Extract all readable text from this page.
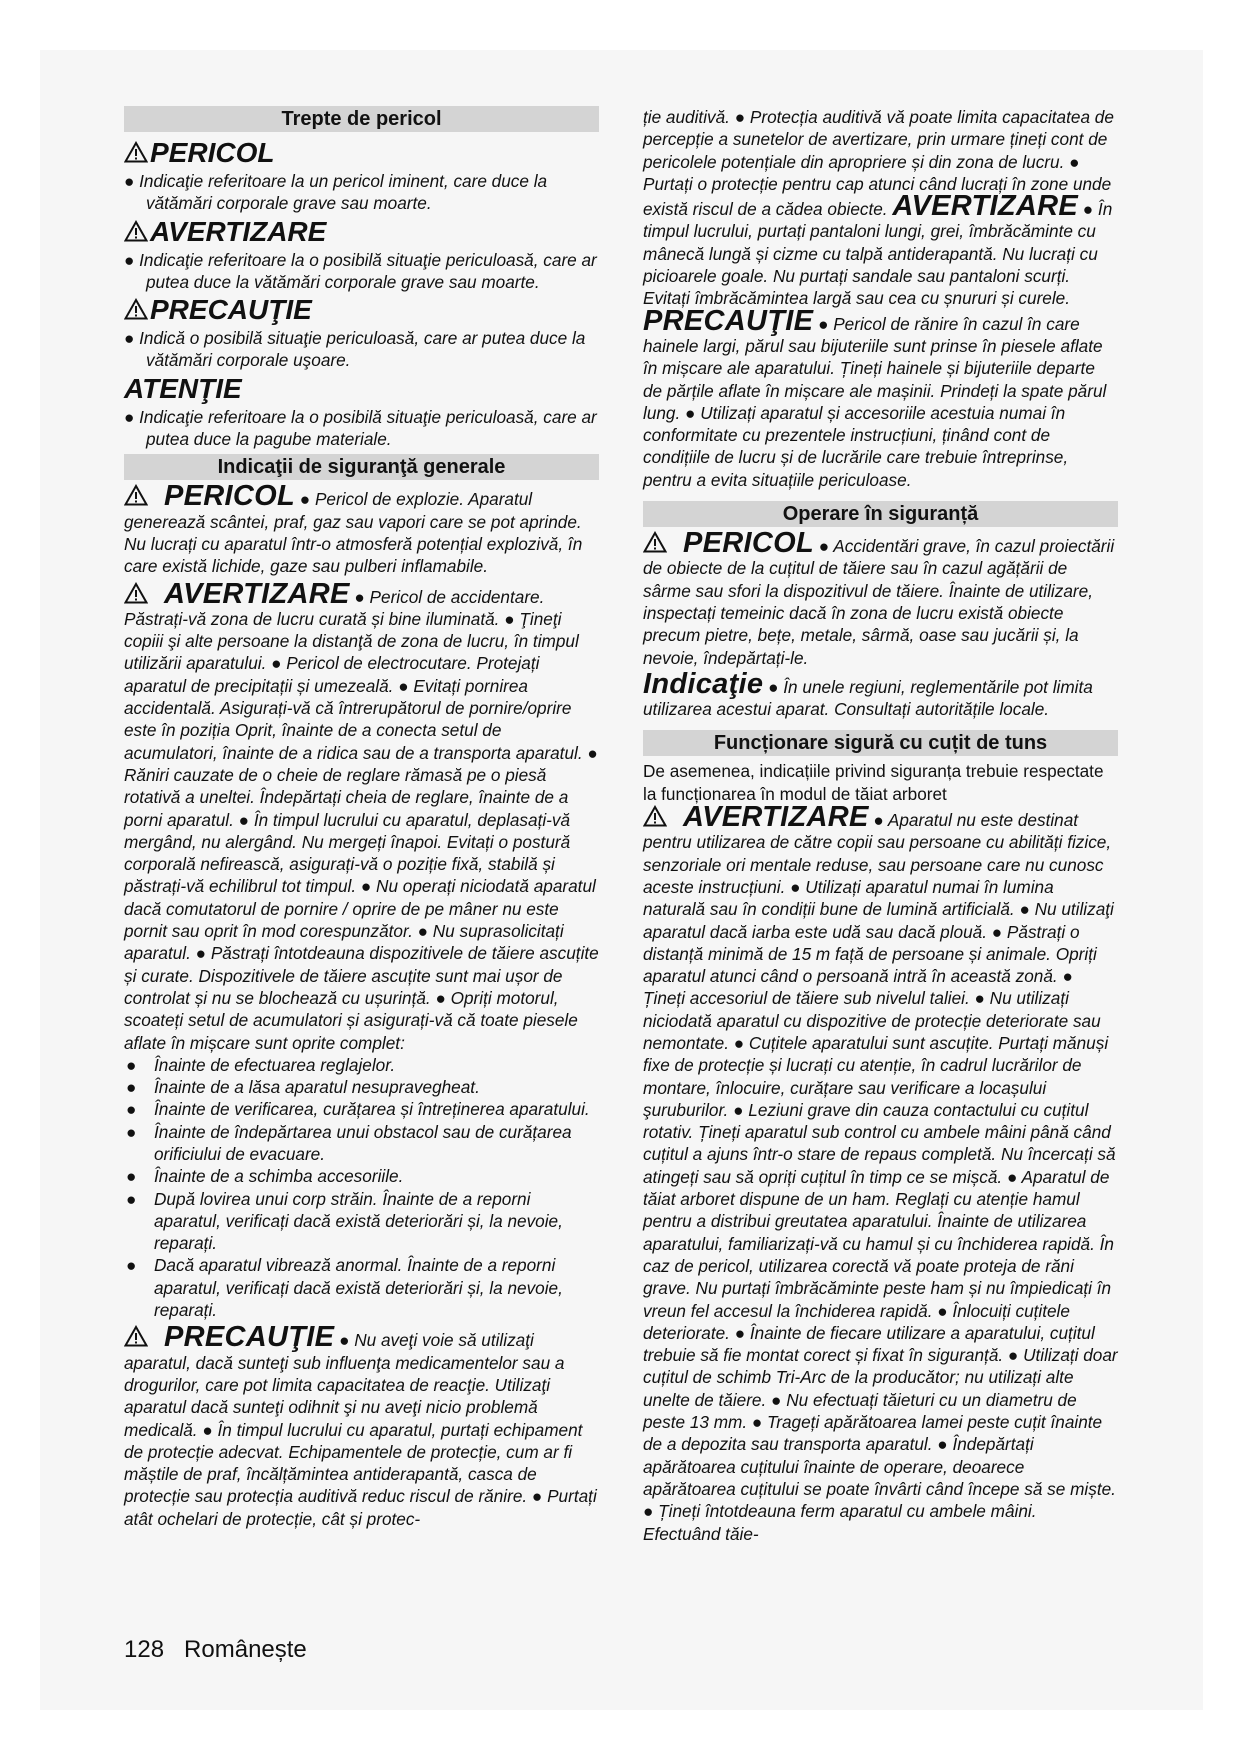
Trepte de pericol
PERICOL

● Indicaţie referitoare la un pericol iminent, care duce la vătămări corporale grave sau moarte.

AVERTIZARE

● Indicaţie referitoare la o posibilă situaţie periculoasă, care ar putea duce la vătămări corporale grave sau moarte.

PRECAUŢIE

● Indică o posibilă situaţie periculoasă, care ar putea duce la vătămări corporale uşoare.

ATENŢIE

● Indicaţie referitoare la o posibilă situaţie periculoasă, care ar putea duce la pagube materiale.

Indicaţii de siguranţă generale

PERICOL ● Pericol de explozie. Aparatul generează scântei, praf, gaz sau vapori care se pot aprinde. Nu lucrați cu aparatul într-o atmosferă potențial explozivă, în care există lichide, gaze sau pulberi inflamabile.

AVERTIZARE ● Pericol de accidentare. Păstrați-vă zona de lucru curată și bine iluminată. ● Ţineţi copiii şi alte persoane la distanţă de zona de lucru, în timpul utilizării aparatului. ● Pericol de electrocutare. Protejați aparatul de precipitații și umezeală. ● Evitați pornirea accidentală. Asigurați-vă că întrerupătorul de pornire/oprire este în poziția Oprit, înainte de a conecta setul de acumulatori, înainte de a ridica sau de a transporta aparatul. ● Răniri cauzate de o cheie de reglare rămasă pe o piesă rotativă a uneltei. Îndepărtați cheia de reglare, înainte de a porni aparatul. ● În timpul lucrului cu aparatul, deplasați-vă mergând, nu alergând. Nu mergeți înapoi. Evitați o postură corporală nefirească, asigurați-vă o poziție fixă, stabilă și păstrați-vă echilibrul tot timpul. ● Nu operați niciodată aparatul dacă comutatorul de pornire / oprire de pe mâner nu este pornit sau oprit în mod corespunzător. ● Nu suprasolicitați aparatul. ● Păstrați întotdeauna dispozitivele de tăiere ascuțite și curate. Dispozitivele de tăiere ascuțite sunt mai ușor de controlat și nu se blochează cu ușurință. ● Opriți motorul, scoateți setul de acumulatori și asigurați-vă că toate piesele aflate în mișcare sunt oprite complet:

● Înainte de efectuarea reglajelor.
● Înainte de a lăsa aparatul nesupravegheat.
● Înainte de verificarea, curățarea și întreținerea aparatului.
● Înainte de îndepărtarea unui obstacol sau de curățarea orificiului de evacuare.
● Înainte de a schimba accesoriile.
● După lovirea unui corp străin. Înainte de a reporni aparatul, verificați dacă există deteriorări și, la nevoie, reparați.
● Dacă aparatul vibrează anormal. Înainte de a reporni aparatul, verificați dacă există deteriorări și, la nevoie, reparați.

PRECAUŢIE ● Nu aveţi voie să utilizaţi aparatul, dacă sunteţi sub influenţa medicamentelor sau a drogurilor, care pot limita capacitatea de reacţie. Utilizaţi aparatul dacă sunteţi odihnit şi nu aveţi nicio problemă medicală. ● În timpul lucrului cu aparatul, purtați echipament de protecție adecvat. Echipamentele de protecție, cum ar fi măștile de praf, încălțămintea antiderapantă, casca de protecție sau protecția auditivă reduc riscul de rănire. ● Purtați atât ochelari de protecție, cât și protec-

ție auditivă. ● Protecția auditivă vă poate limita capacitatea de percepție a sunetelor de avertizare, prin urmare țineți cont de pericolele potențiale din apropriere și din zona de lucru. ● Purtați o protecție pentru cap atunci când lucrați în zone unde există riscul de a cădea obiecte. AVERTIZARE ● În timpul lucrului, purtați pantaloni lungi, grei, îmbrăcăminte cu mânecă lungă și cizme cu talpă antiderapantă. Nu lucrați cu picioarele goale. Nu purtați sandale sau pantaloni scurți. Evitați îmbrăcămintea largă sau cea cu șnururi și curele. PRECAUŢIE ● Pericol de rănire în cazul în care hainele largi, părul sau bijuteriile sunt prinse în piesele aflate în mișcare ale aparatului. Țineți hainele și bijuteriile departe de părțile aflate în mișcare ale mașinii. Prindeți la spate părul lung. ● Utilizați aparatul și accesoriile acestuia numai în conformitate cu prezentele instrucțiuni, ținând cont de condițiile de lucru și de lucrările care trebuie întreprinse, pentru a evita situațiile periculoase.

Operare în siguranță

PERICOL ● Accidentări grave, în cazul proiectării de obiecte de la cuțitul de tăiere sau în cazul agățării de sârme sau sfori la dispozitivul de tăiere. Înainte de utilizare, inspectați temeinic dacă în zona de lucru există obiecte precum pietre, bețe, metale, sârmă, oase sau jucării și, la nevoie, îndepărtați-le.

Indicaţie ● În unele regiuni, reglementările pot limita utilizarea acestui aparat. Consultați autoritățile locale.

Funcționare sigură cu cuțit de tuns

De asemenea, indicațiile privind siguranța trebuie respectate la funcționarea în modul de tăiat arboret

AVERTIZARE ● Aparatul nu este destinat pentru utilizarea de către copii sau persoane cu abilități fizice, senzoriale ori mentale reduse, sau persoane care nu cunosc aceste instrucțiuni. ● Utilizați aparatul numai în lumina naturală sau în condiții bune de lumină artificială. ● Nu utilizaţi aparatul dacă iarba este udă sau dacă plouă. ● Păstrați o distanță minimă de 15 m față de persoane și animale. Opriți aparatul atunci când o persoană intră în această zonă. ● Țineți accesoriul de tăiere sub nivelul taliei. ● Nu utilizați niciodată aparatul cu dispozitive de protecție deteriorate sau nemontate. ● Cuțitele aparatului sunt ascuțite. Purtați mănuși fixe de protecție și lucrați cu atenție, în cadrul lucrărilor de montare, înlocuire, curățare sau verificare a locașului şuruburilor. ● Leziuni grave din cauza contactului cu cuțitul rotativ. Țineți aparatul sub control cu ambele mâini până când cuțitul a ajuns într-o stare de repaus completă. Nu încercați să atingeți sau să opriți cuțitul în timp ce se mișcă. ● Aparatul de tăiat arboret dispune de un ham. Reglați cu atenție hamul pentru a distribui greutatea aparatului. Înainte de utilizarea aparatului, familiarizați-vă cu hamul și cu închiderea rapidă. În caz de pericol, utilizarea corectă vă poate proteja de răni grave. Nu purtați îmbrăcăminte peste ham și nu împiedicați în vreun fel accesul la închiderea rapidă. ● Înlocuiți cuțitele deteriorate. ● Înainte de fiecare utilizare a aparatului, cuțitul trebuie să fie montat corect și fixat în siguranță. ● Utilizați doar cuțitul de schimb Tri-Arc de la producător; nu utilizați alte unelte de tăiere. ● Nu efectuați tăieturi cu un diametru de peste 13 mm. ● Trageți apărătoarea lamei peste cuțit înainte de a depozita sau transporta aparatul. ● Îndepărtați apărătoarea cuțitului înainte de operare, deoarece apărătoarea cuțitului se poate învârti când începe să se miște. ● Țineți întotdeauna ferm aparatul cu ambele mâini. Efectuând tăie-

128 Românește
